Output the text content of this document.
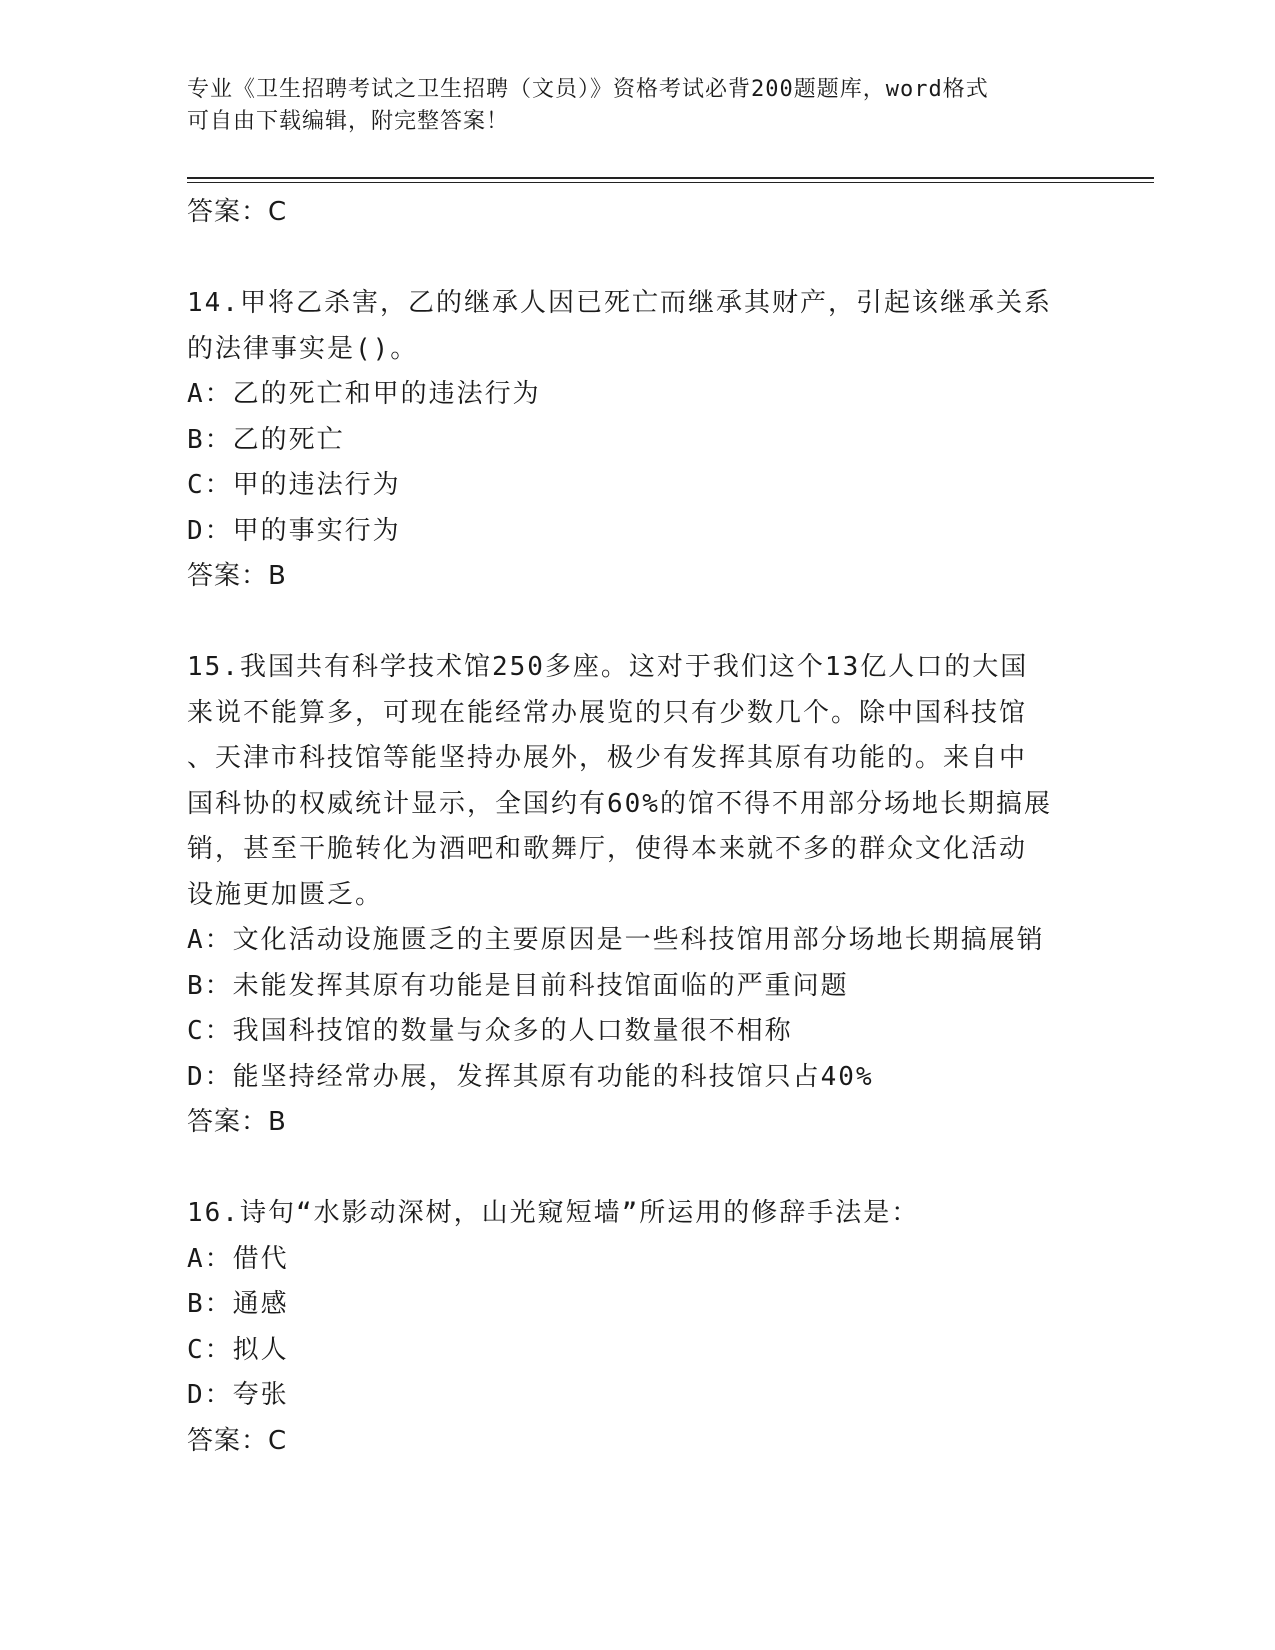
专业《卫生招聘考试之卫生招聘（文员）》资格考试必背200题题库，word格式
可自由下载编辑，附完整答案！
答案：C
14.甲将乙杀害，乙的继承人因已死亡而继承其财产，引起该继承关系
的法律事实是()。
A：乙的死亡和甲的违法行为
B：乙的死亡
C：甲的违法行为
D：甲的事实行为
答案：B
15.我国共有科学技术馆250多座。这对于我们这个13亿人口的大国
来说不能算多，可现在能经常办展览的只有少数几个。除中国科技馆
、天津市科技馆等能坚持办展外，极少有发挥其原有功能的。来自中
国科协的权威统计显示，全国约有60%的馆不得不用部分场地长期搞展
销，甚至干脆转化为酒吧和歌舞厅，使得本来就不多的群众文化活动
设施更加匮乏。
A：文化活动设施匮乏的主要原因是一些科技馆用部分场地长期搞展销
B：未能发挥其原有功能是目前科技馆面临的严重问题
C：我国科技馆的数量与众多的人口数量很不相称
D：能坚持经常办展，发挥其原有功能的科技馆只占40%
答案：B
16.诗句“水影动深树，山光窥短墙”所运用的修辞手法是：
A：借代
B：通感
C：拟人
D：夸张
答案：C
